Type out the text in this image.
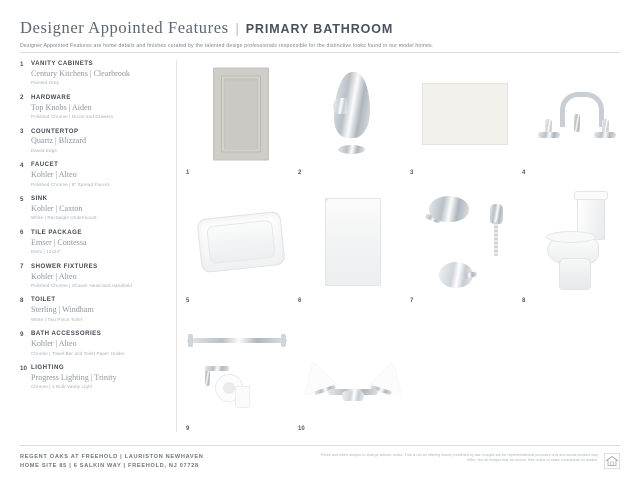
Designer Appointed Features | PRIMARY BATHROOM
Designer Appointed Features are home details and finishes curated by the talented design professionals responsible for the distinctive looks found in our model homes.
1	VANITY CABINETS
Century Kitchens | Clearbrook
Painted Grey
2	HARDWARE
Top Knobs | Aiden
Polished Chrome | Doors and Drawers
3	COUNTERTOP
Quartz | Blizzard
Eased Edge
4	FAUCET
Kohler | Alteo
Polished Chrome | 8" Spread Faucet
5	SINK
Kohler | Caxton
White | Rectangle Undermount
6	TILE PACKAGE
Emser | Contessa
Demi | 12x24"
7	SHOWER FIXTURES
Kohler | Alteo
Polished Chrome | Shower Head and Handheld
8	TOILET
Sterling | Windham
White | Two Piece Toilet
9	BATH ACCESSORIES
Kohler | Alteo
Chrome | Towel Bar and Toilet Paper Holder
10 LIGHTING
Progress Lighting | Trinity
Chrome | 2 Bulb Vanity Light
1	2	3	4
5	6	7	8
9	10
REGENT OAKS AT FREEHOLD | LAURISTON NEWHAVEN
HOME SITE 85 | 6 SALKIN WAY | FREEHOLD, NJ 07728
Prices and offers subject to change without notice. This is not an offering where prohibited by law. Images are for representational purposes only and actual product may differ. Not all images may be shown. See online or sales consultants for details.
